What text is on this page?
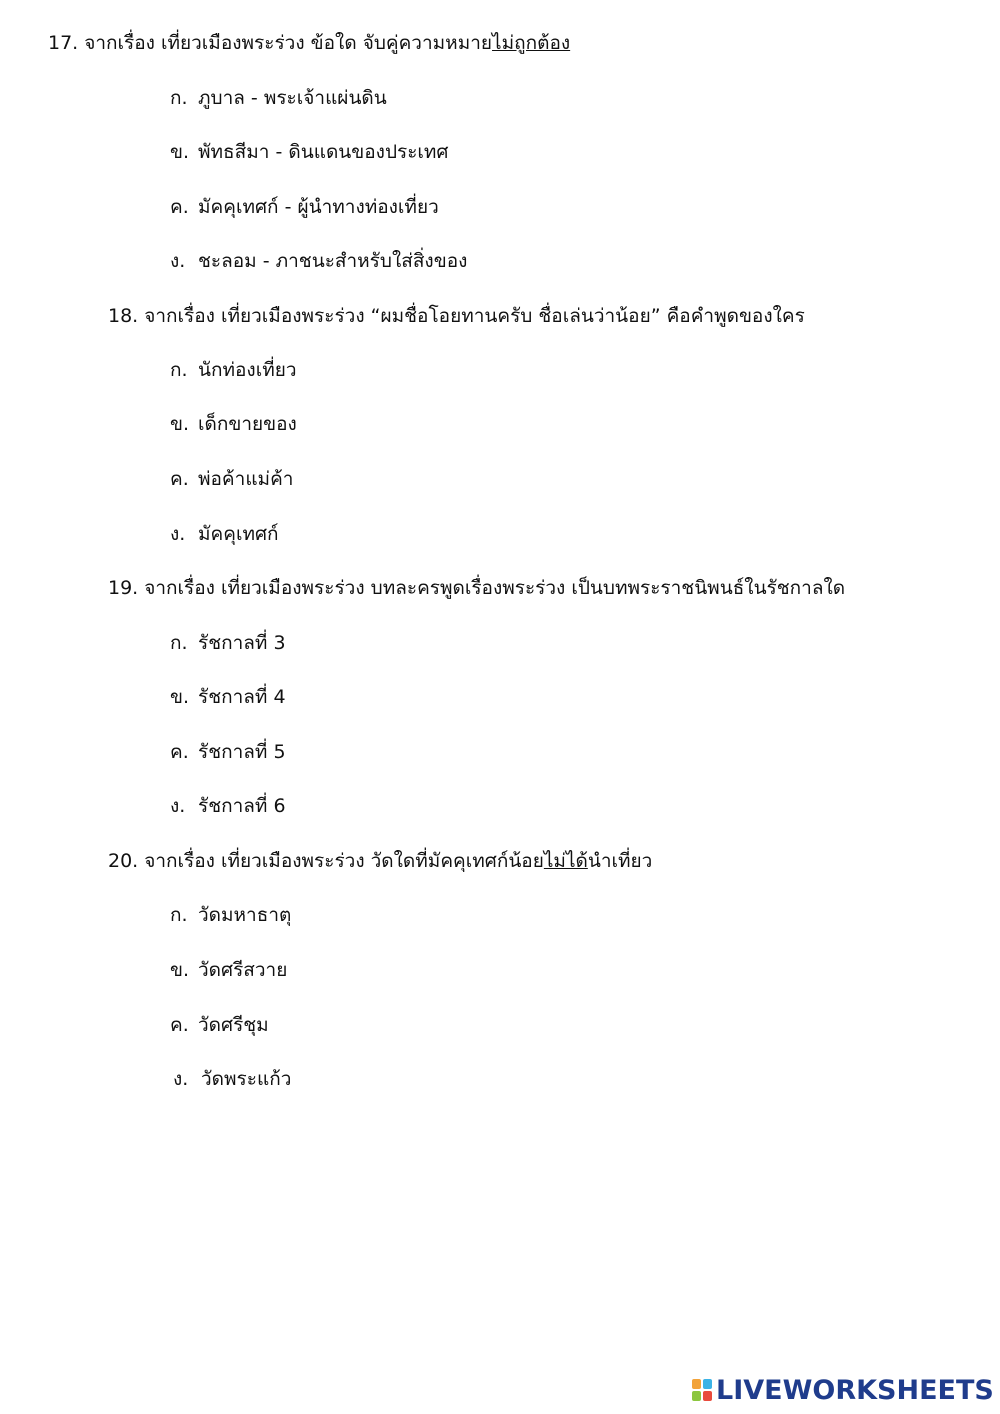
17. จากเรื่อง เที่ยวเมืองพระร่วง ข้อใด จับคู่ความหมายไม่ถูกต้อง
ก. ภูบาล - พระเจ้าแผ่นดิน
ข. พัทธสีมา - ดินแดนของประเทศ
ค. มัคคุเทศก์ - ผู้นำทางท่องเที่ยว
ง. ชะลอม - ภาชนะสำหรับใส่สิ่งของ
18. จากเรื่อง เที่ยวเมืองพระร่วง “ผมชื่อโอยทานครับ ชื่อเล่นว่าน้อย” คือคำพูดของใคร
ก. นักท่องเที่ยว
ข. เด็กขายของ
ค. พ่อค้าแม่ค้า
ง. มัคคุเทศก์
19. จากเรื่อง เที่ยวเมืองพระร่วง บทละครพูดเรื่องพระร่วง เป็นบทพระราชนิพนธ์ในรัชกาลใด
ก. รัชกาลที่ 3
ข. รัชกาลที่ 4
ค. รัชกาลที่ 5
ง. รัชกาลที่ 6
20. จากเรื่อง เที่ยวเมืองพระร่วง วัดใดที่มัคคุเทศก์น้อยไม่ได้นำเที่ยว
ก. วัดมหาธาตุ
ข. วัดศรีสวาย
ค. วัดศรีชุม
ง. วัดพระแก้ว
LIVEWORKSHEETS
